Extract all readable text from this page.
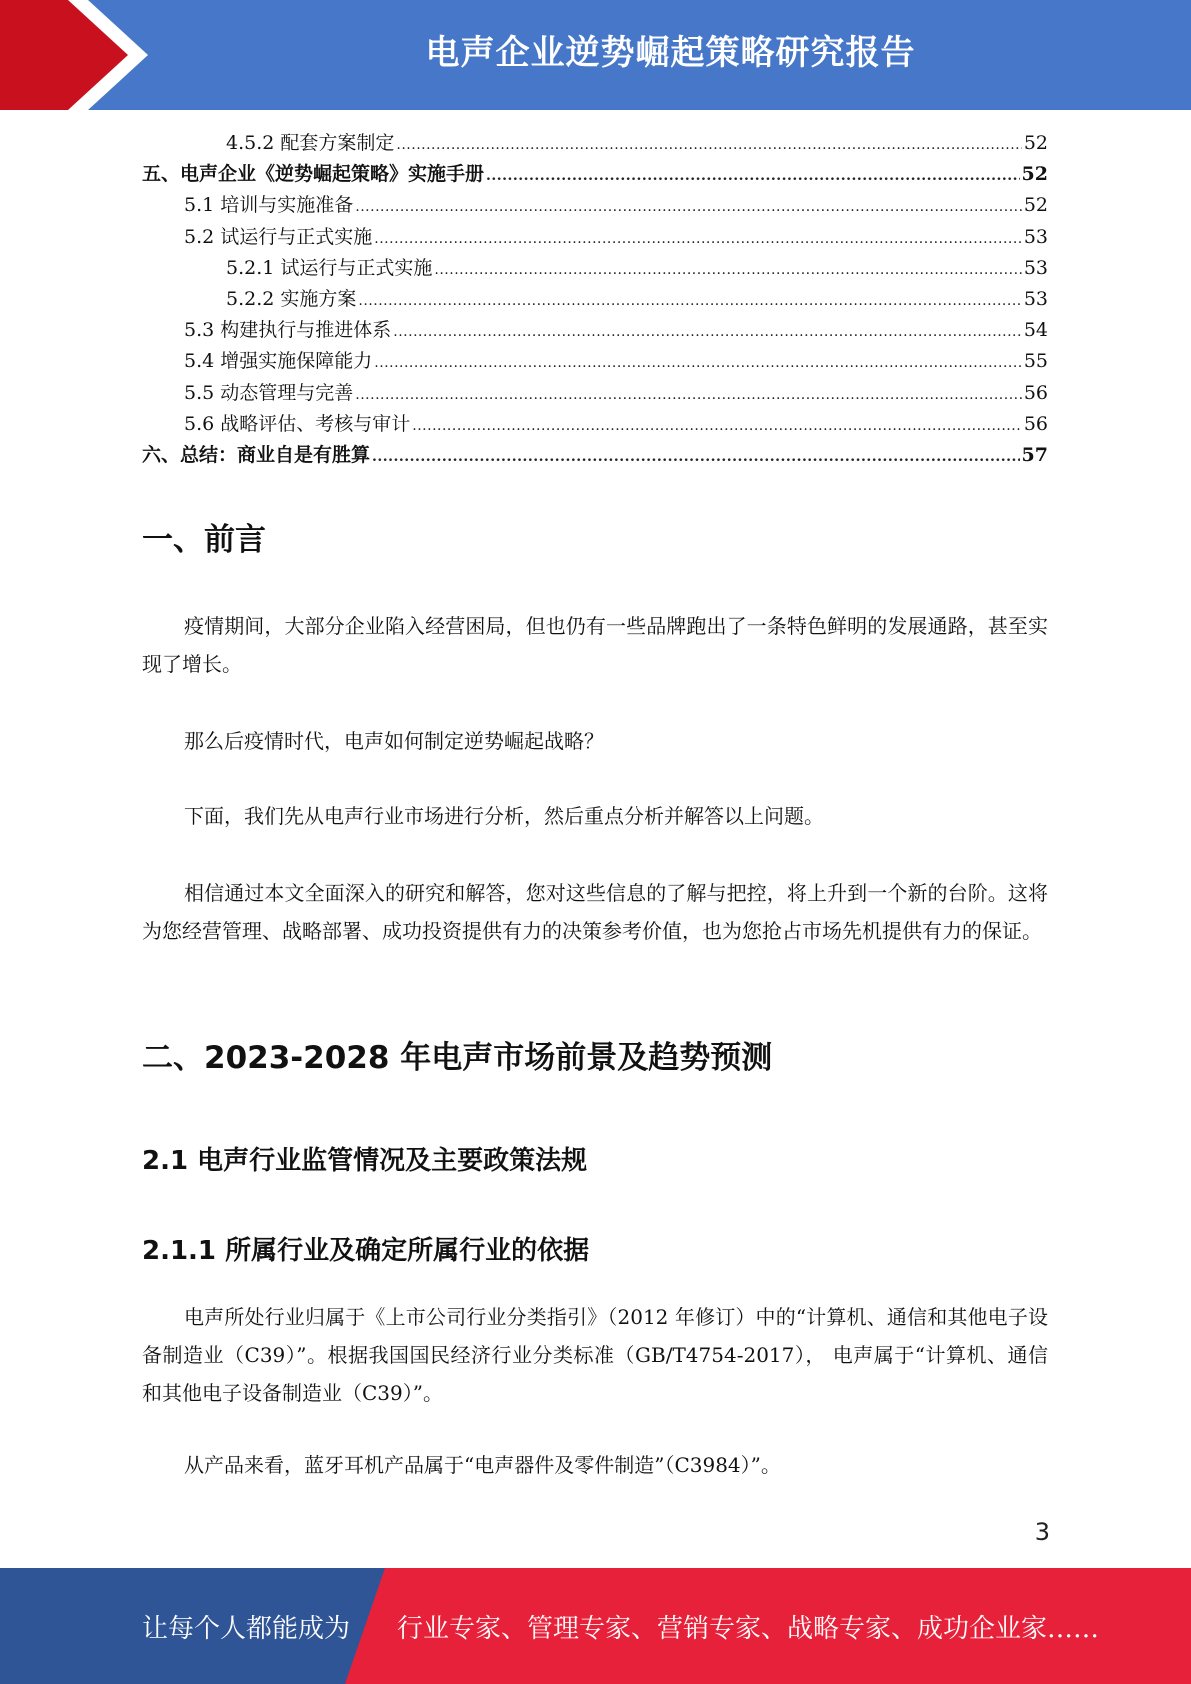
电声企业逆势崛起策略研究报告
4.5.2 配套方案制定 .....	52
五、电声企业《逆势崛起策略》实施手册 .....	52
5.1 培训与实施准备 .....	52
5.2 试运行与正式实施 .....	53
5.2.1 试运行与正式实施 .....	53
5.2.2 实施方案 .....	53
5.3 构建执行与推进体系 .....	54
5.4 增强实施保障能力 .....	55
5.5 动态管理与完善 .....	56
5.6 战略评估、考核与审计 .....	56
六、总结：商业自是有胜算 .....	57
一、前言
疫情期间，大部分企业陷入经营困局，但也仍有一些品牌跑出了一条特色鲜明的发展通路，甚至实现了增长。
那么后疫情时代，电声如何制定逆势崛起战略？
下面，我们先从电声行业市场进行分析，然后重点分析并解答以上问题。
相信通过本文全面深入的研究和解答，您对这些信息的了解与把控，将上升到一个新的台阶。这将为您经营管理、战略部署、成功投资提供有力的决策参考价值，也为您抢占市场先机提供有力的保证。
二、2023-2028 年电声市场前景及趋势预测
2.1 电声行业监管情况及主要政策法规
2.1.1 所属行业及确定所属行业的依据
电声所处行业归属于《上市公司行业分类指引》（2012 年修订）中的“计算机、通信和其他电子设备制造业（C39）”。根据我国国民经济行业分类标准（GB/T4754-2017）， 电声属于“计算机、通信和其他电子设备制造业（C39）”。
从产品来看，蓝牙耳机产品属于“电声器件及零件制造”（C3984）”。
3
让每个人都能成为 行业专家、管理专家、营销专家、战略专家、成功企业家……
